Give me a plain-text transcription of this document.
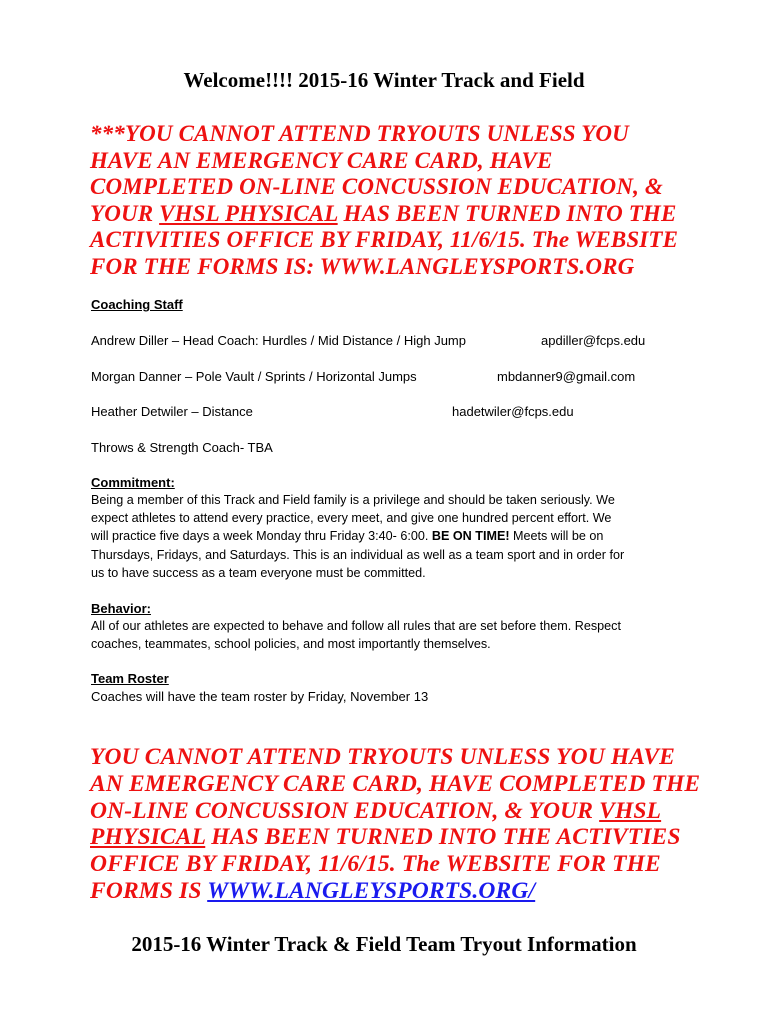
Welcome!!!! 2015-16 Winter Track and Field
***YOU CANNOT ATTEND TRYOUTS UNLESS YOU
HAVE AN EMERGENCY CARE CARD, HAVE
COMPLETED ON-LINE CONCUSSION EDUCATION, &
YOUR VHSL PHYSICAL HAS BEEN TURNED INTO THE
ACTIVITIES OFFICE BY FRIDAY, 11/6/15. The WEBSITE
FOR THE FORMS IS: WWW.LANGLEYSPORTS.ORG
Coaching Staff
Andrew Diller – Head Coach: Hurdles / Mid Distance / High Jump	apdiller@fcps.edu
Morgan Danner – Pole Vault / Sprints / Horizontal Jumps	mbdanner9@gmail.com
Heather Detwiler – Distance	hadetwiler@fcps.edu
Throws & Strength Coach- TBA
Commitment:
Being a member of this Track and Field family is a privilege and should be taken seriously. We
expect athletes to attend every practice, every meet, and give one hundred percent effort. We
will practice five days a week Monday thru Friday 3:40- 6:00. BE ON TIME! Meets will be on
Thursdays, Fridays, and Saturdays. This is an individual as well as a team sport and in order for
us to have success as a team everyone must be committed.
Behavior:
All of our athletes are expected to behave and follow all rules that are set before them. Respect
coaches, teammates, school policies, and most importantly themselves.
Team Roster
Coaches will have the team roster by Friday, November 13
YOU CANNOT ATTEND TRYOUTS UNLESS YOU HAVE
AN EMERGENCY CARE CARD, HAVE COMPLETED THE
ON-LINE CONCUSSION EDUCATION, & YOUR VHSL
PHYSICAL HAS BEEN TURNED INTO THE ACTIVTIES
OFFICE BY FRIDAY, 11/6/15. The WEBSITE FOR THE
FORMS IS WWW.LANGLEYSPORTS.ORG/
2015-16 Winter Track & Field Team Tryout Information
